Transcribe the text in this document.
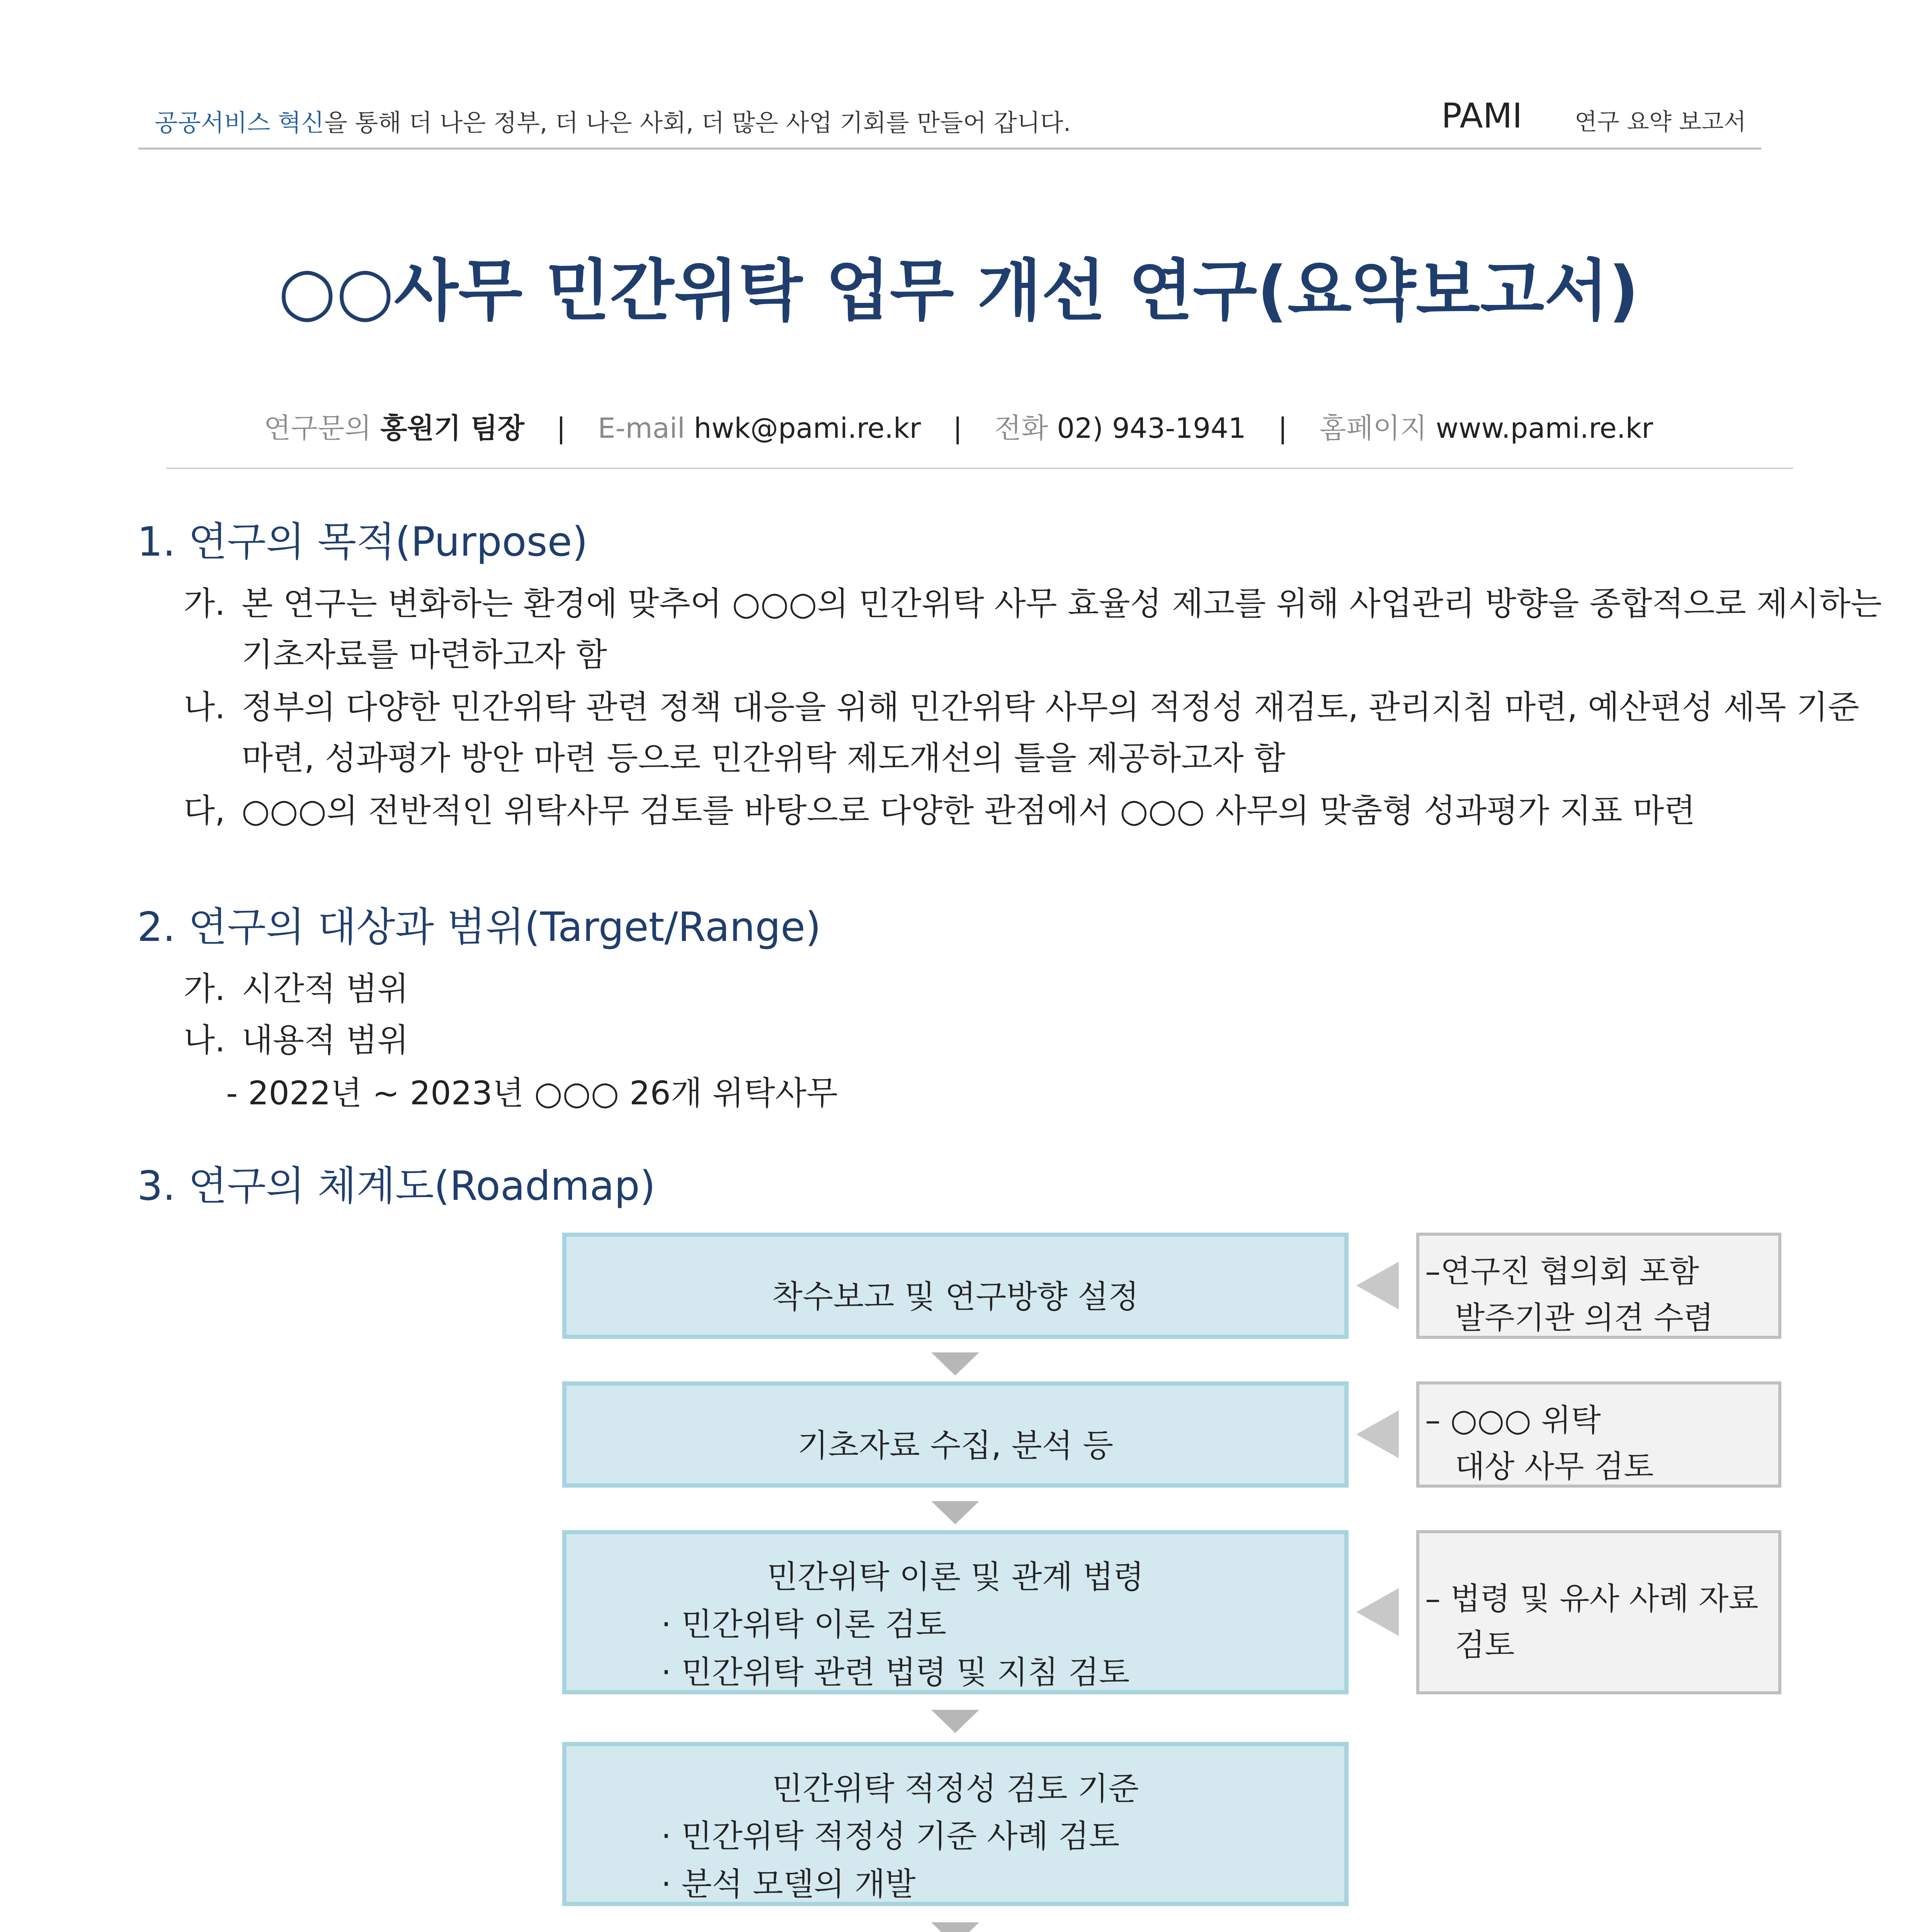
공공서비스 혁신을 통해 더 나은 정부, 더 나은 사회, 더 많은 사업 기회를 만들어 갑니다.	PAMI 연구 요약 보고서
○○사무 민간위탁 업무 개선 연구(요약보고서)
연구문의 홍원기 팀장 | E-mail hwk@pami.re.kr | 전화 02) 943-1941 | 홈페이지 www.pami.re.kr
1. 연구의 목적(Purpose)
가. 본 연구는 변화하는 환경에 맞추어 ○○○의 민간위탁 사무 효율성 제고를 위해 사업관리 방향을 종합적으로 제시하는
기초자료를 마련하고자 함
나. 정부의 다양한 민간위탁 관련 정책 대응을 위해 민간위탁 사무의 적정성 재검토, 관리지침 마련, 예산편성 세목 기준
마련, 성과평가 방안 마련 등으로 민간위탁 제도개선의 틀을 제공하고자 함
다, ○○○의 전반적인 위탁사무 검토를 바탕으로 다양한 관점에서 ○○○ 사무의 맞춤형 성과평가 지표 마련
2. 연구의 대상과 범위(Target/Range)
가. 시간적 범위
나. 내용적 범위
- 2022년 ~ 2023년 ○○○ 26개 위탁사무
3. 연구의 체계도(Roadmap)
착수보고 및 연구방향 설정
기초자료 수집, 분석 등
민간위탁 이론 및 관계 법령
· 민간위탁 이론 검토
· 민간위탁 관련 법령 및 지침 검토
민간위탁 적정성 검토 기준
· 민간위탁 적정성 기준 사례 검토
· 분석 모델의 개발
–연구진 협의회 포함
발주기관 의견 수렴
– ○○○ 위탁
대상 사무 검토
– 법령 및 유사 사례 자료
검토
